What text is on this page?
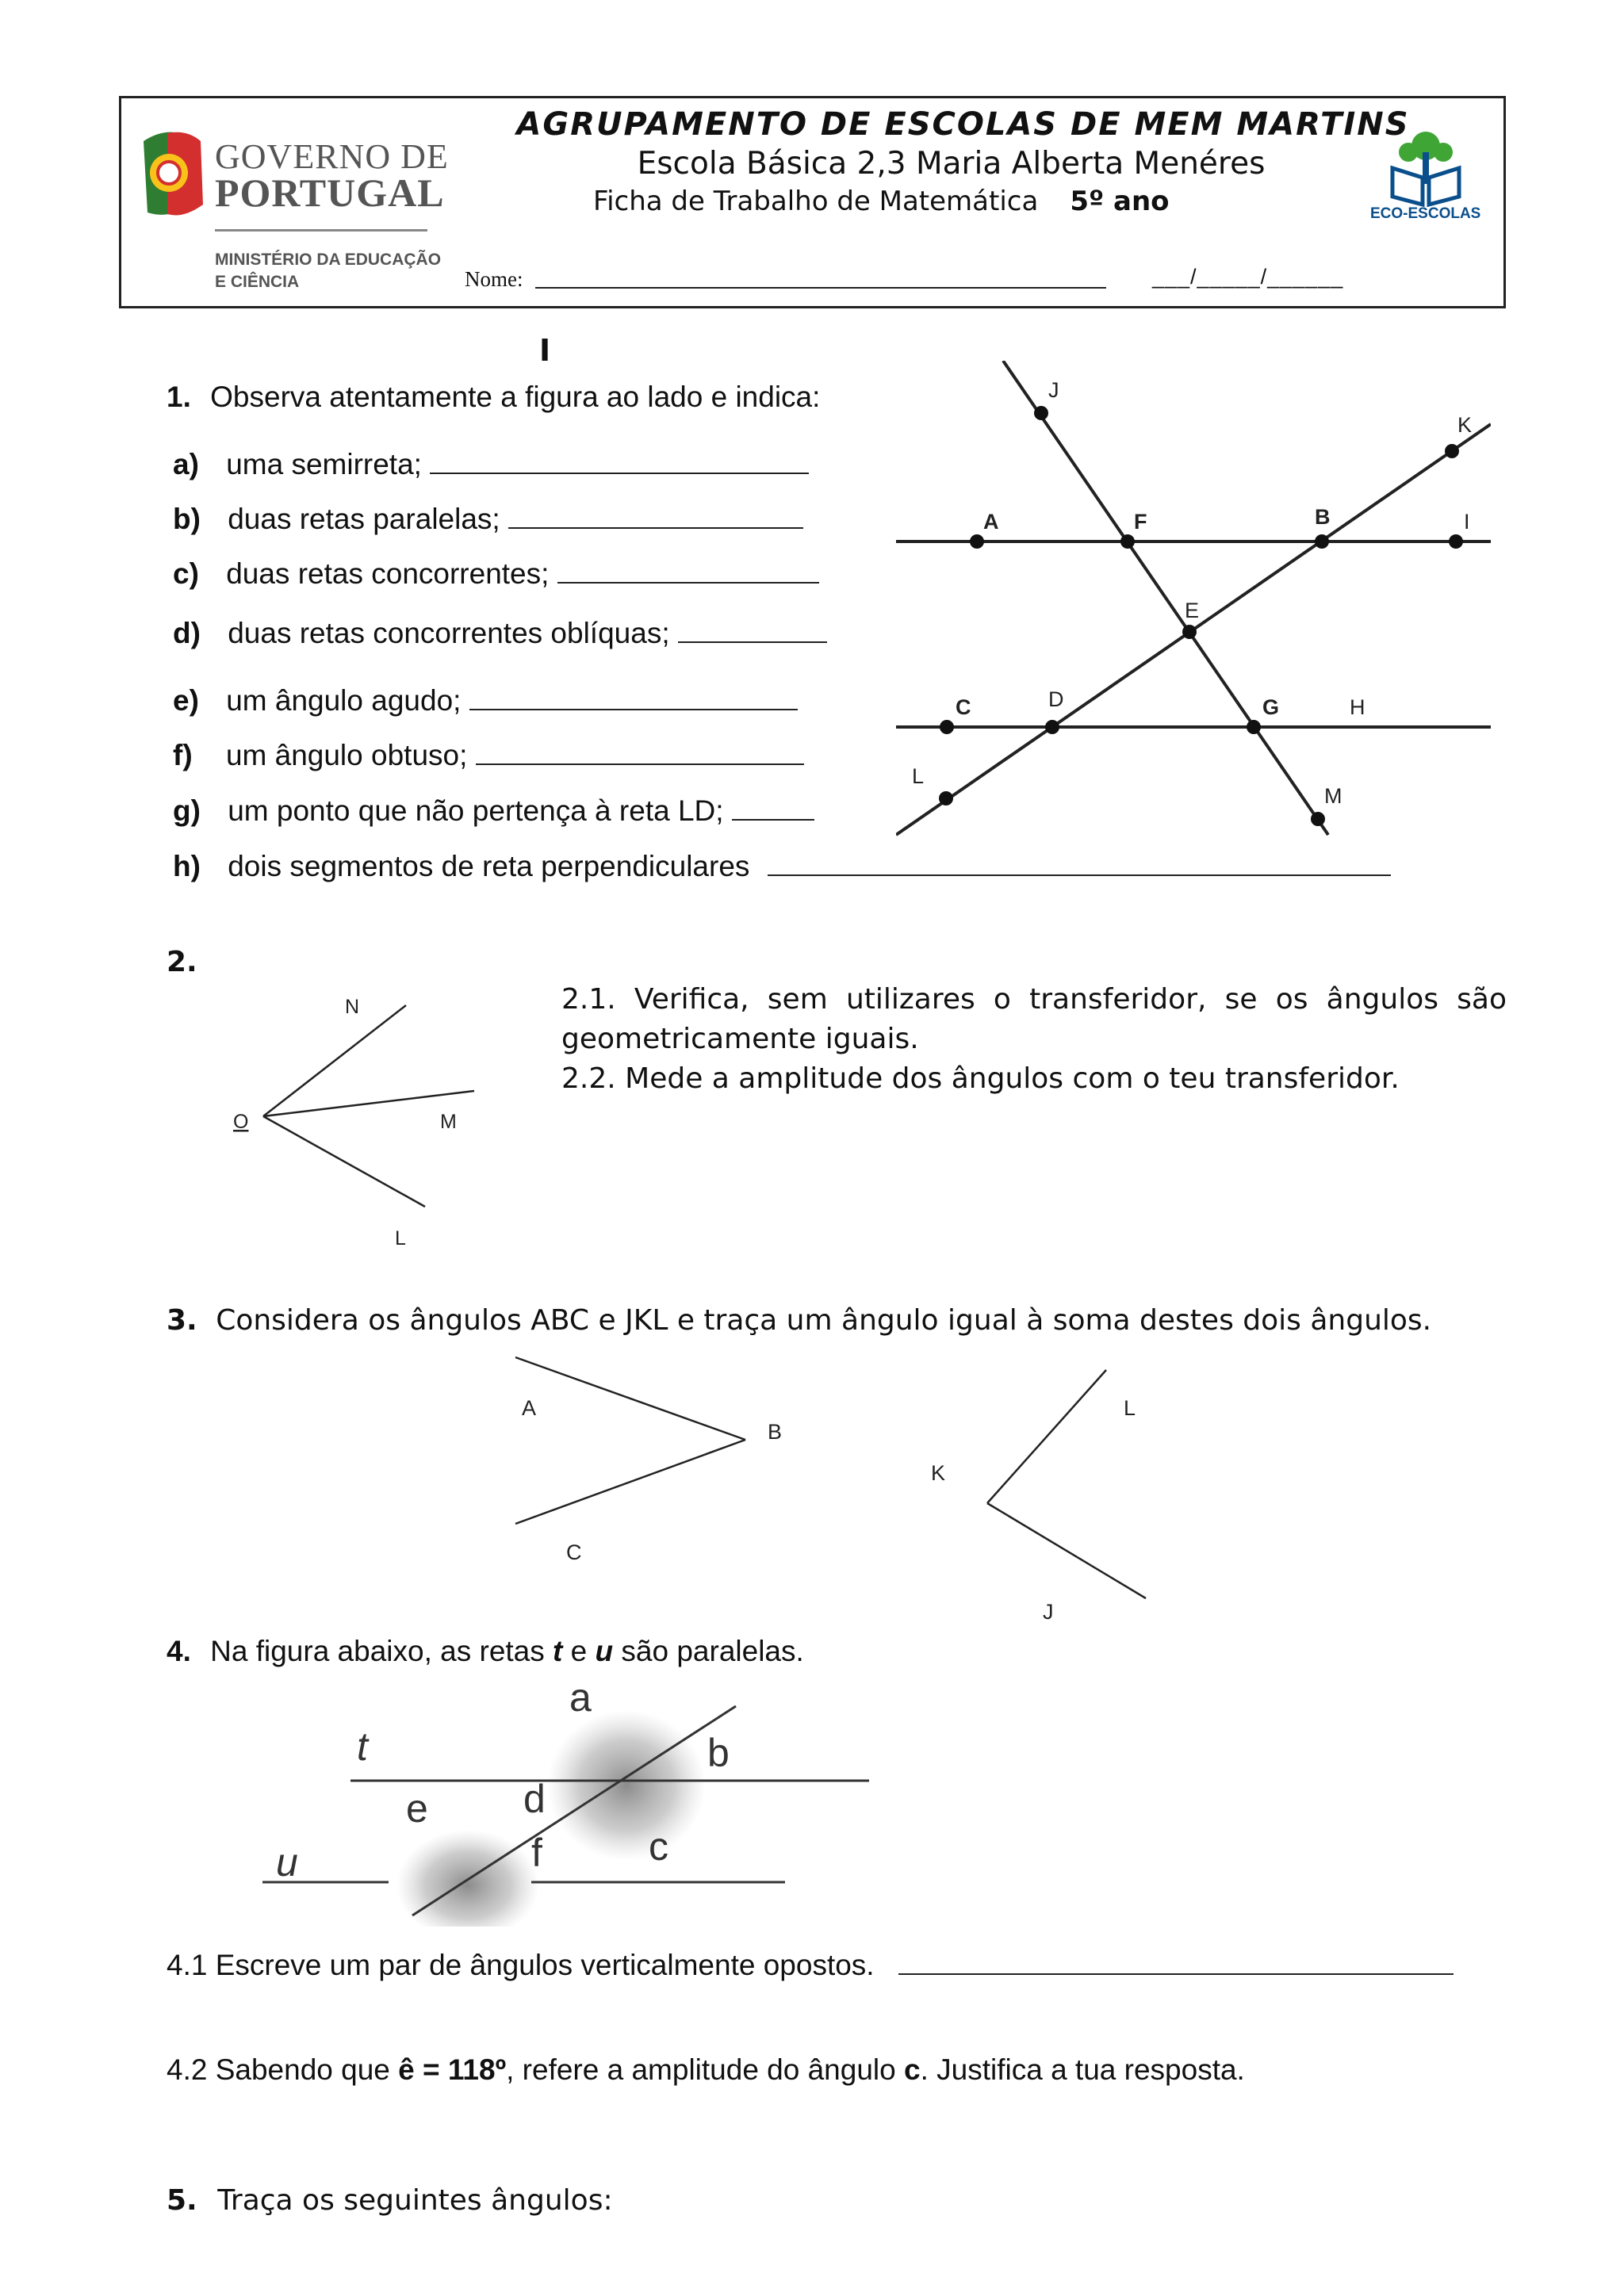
AGRUPAMENTO DE ESCOLAS DE MEM MARTINS
Escola Básica 2,3 Maria Alberta Menéres
Ficha de Trabalho de Matemática 5º ano
GOVERNO DE
PORTUGAL
MINISTÉRIO DA EDUCAÇÃO
E CIÊNCIA	Nome:	___/_____/______
ECO-ESCOLAS
I
1. Observa atentamente a figura ao lado e indica:
a) uma semirreta;
b) duas retas paralelas;
c) duas retas concorrentes;
d) duas retas concorrentes oblíquas;
e) um ângulo agudo;
f) um ângulo obtuso;
g) um ponto que não pertença à reta LD;
h) dois segmentos de reta perpendiculares
J
K
A	F	B	I
E
C	D	G	H
L
M
2.
N
O	M
L
2.1. Verifica, sem utilizares o transferidor, se os ângulos são
geometricamente iguais.
2.2. Mede a amplitude dos ângulos com o teu transferidor.
3. Considera os ângulos ABC e JKL e traça um ângulo igual à soma destes dois ângulos.
A
B
C
L
K
J
4. Na figura abaixo, as retas t e u são paralelas.
a
b
t
e d
u	f	c
4.1 Escreve um par de ângulos verticalmente opostos.
4.2 Sabendo que ê = 118º, refere a amplitude do ângulo c. Justifica a tua resposta.
5. Traça os seguintes ângulos:
